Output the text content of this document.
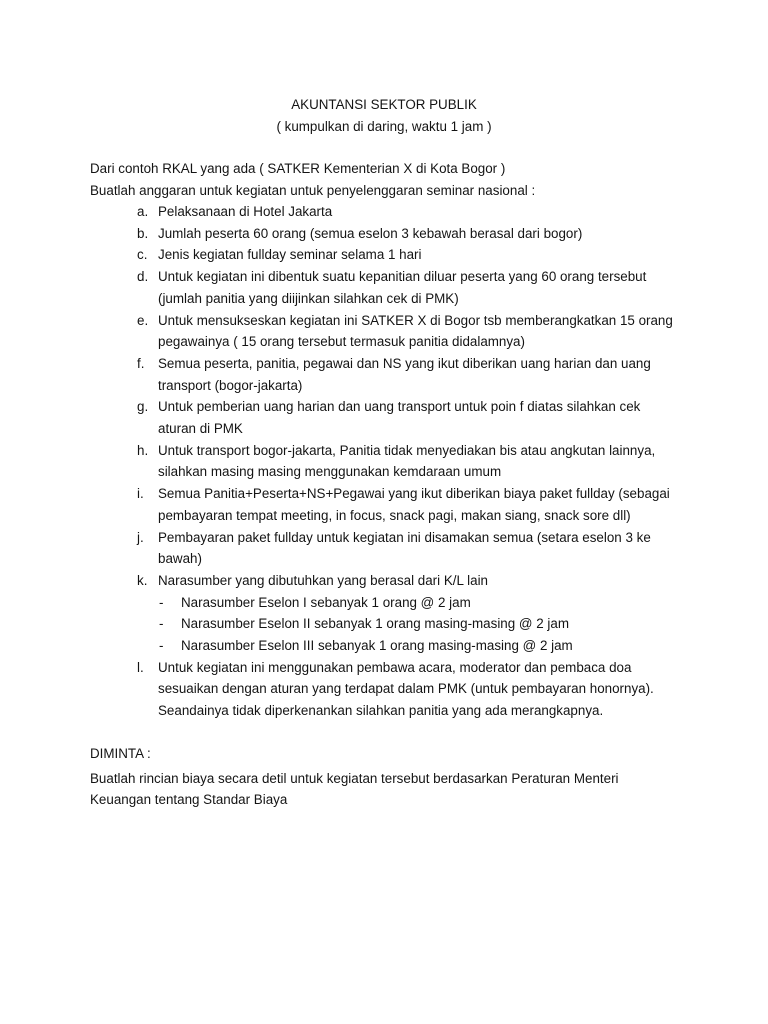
AKUNTANSI SEKTOR PUBLIK
( kumpulkan di daring, waktu 1 jam )
Dari contoh RKAL yang ada ( SATKER Kementerian X di Kota Bogor )
Buatlah anggaran untuk kegiatan untuk penyelenggaran seminar nasional :
a. Pelaksanaan di Hotel Jakarta
b. Jumlah peserta 60 orang (semua eselon 3 kebawah berasal dari bogor)
c. Jenis kegiatan fullday seminar selama 1 hari
d. Untuk kegiatan ini dibentuk suatu kepanitian diluar peserta yang 60 orang tersebut
(jumlah panitia yang diijinkan silahkan cek di PMK)
e. Untuk mensukseskan kegiatan ini SATKER X di Bogor tsb memberangkatkan 15 orang
pegawainya ( 15 orang tersebut termasuk panitia didalamnya)
f. Semua peserta, panitia, pegawai dan NS yang ikut diberikan uang harian dan uang
transport (bogor-jakarta)
g. Untuk pemberian uang harian dan uang transport untuk poin f diatas silahkan cek
aturan di PMK
h. Untuk transport bogor-jakarta, Panitia tidak menyediakan bis atau angkutan lainnya,
silahkan masing masing menggunakan kemdaraan umum
i. Semua Panitia+Peserta+NS+Pegawai yang ikut diberikan biaya paket fullday (sebagai
pembayaran tempat meeting, in focus, snack pagi, makan siang, snack sore dll)
j. Pembayaran paket fullday untuk kegiatan ini disamakan semua (setara eselon 3 ke
bawah)
k. Narasumber yang dibutuhkan yang berasal dari K/L lain
- Narasumber Eselon I sebanyak 1 orang @ 2 jam
- Narasumber Eselon II sebanyak 1 orang masing-masing @ 2 jam
- Narasumber Eselon III sebanyak 1 orang masing-masing @ 2 jam
l. Untuk kegiatan ini menggunakan pembawa acara, moderator dan pembaca doa
sesuaikan dengan aturan yang terdapat dalam PMK (untuk pembayaran honornya).
Seandainya tidak diperkenankan silahkan panitia yang ada merangkapnya.
DIMINTA :
Buatlah rincian biaya secara detil untuk kegiatan tersebut berdasarkan Peraturan Menteri
Keuangan tentang Standar Biaya
